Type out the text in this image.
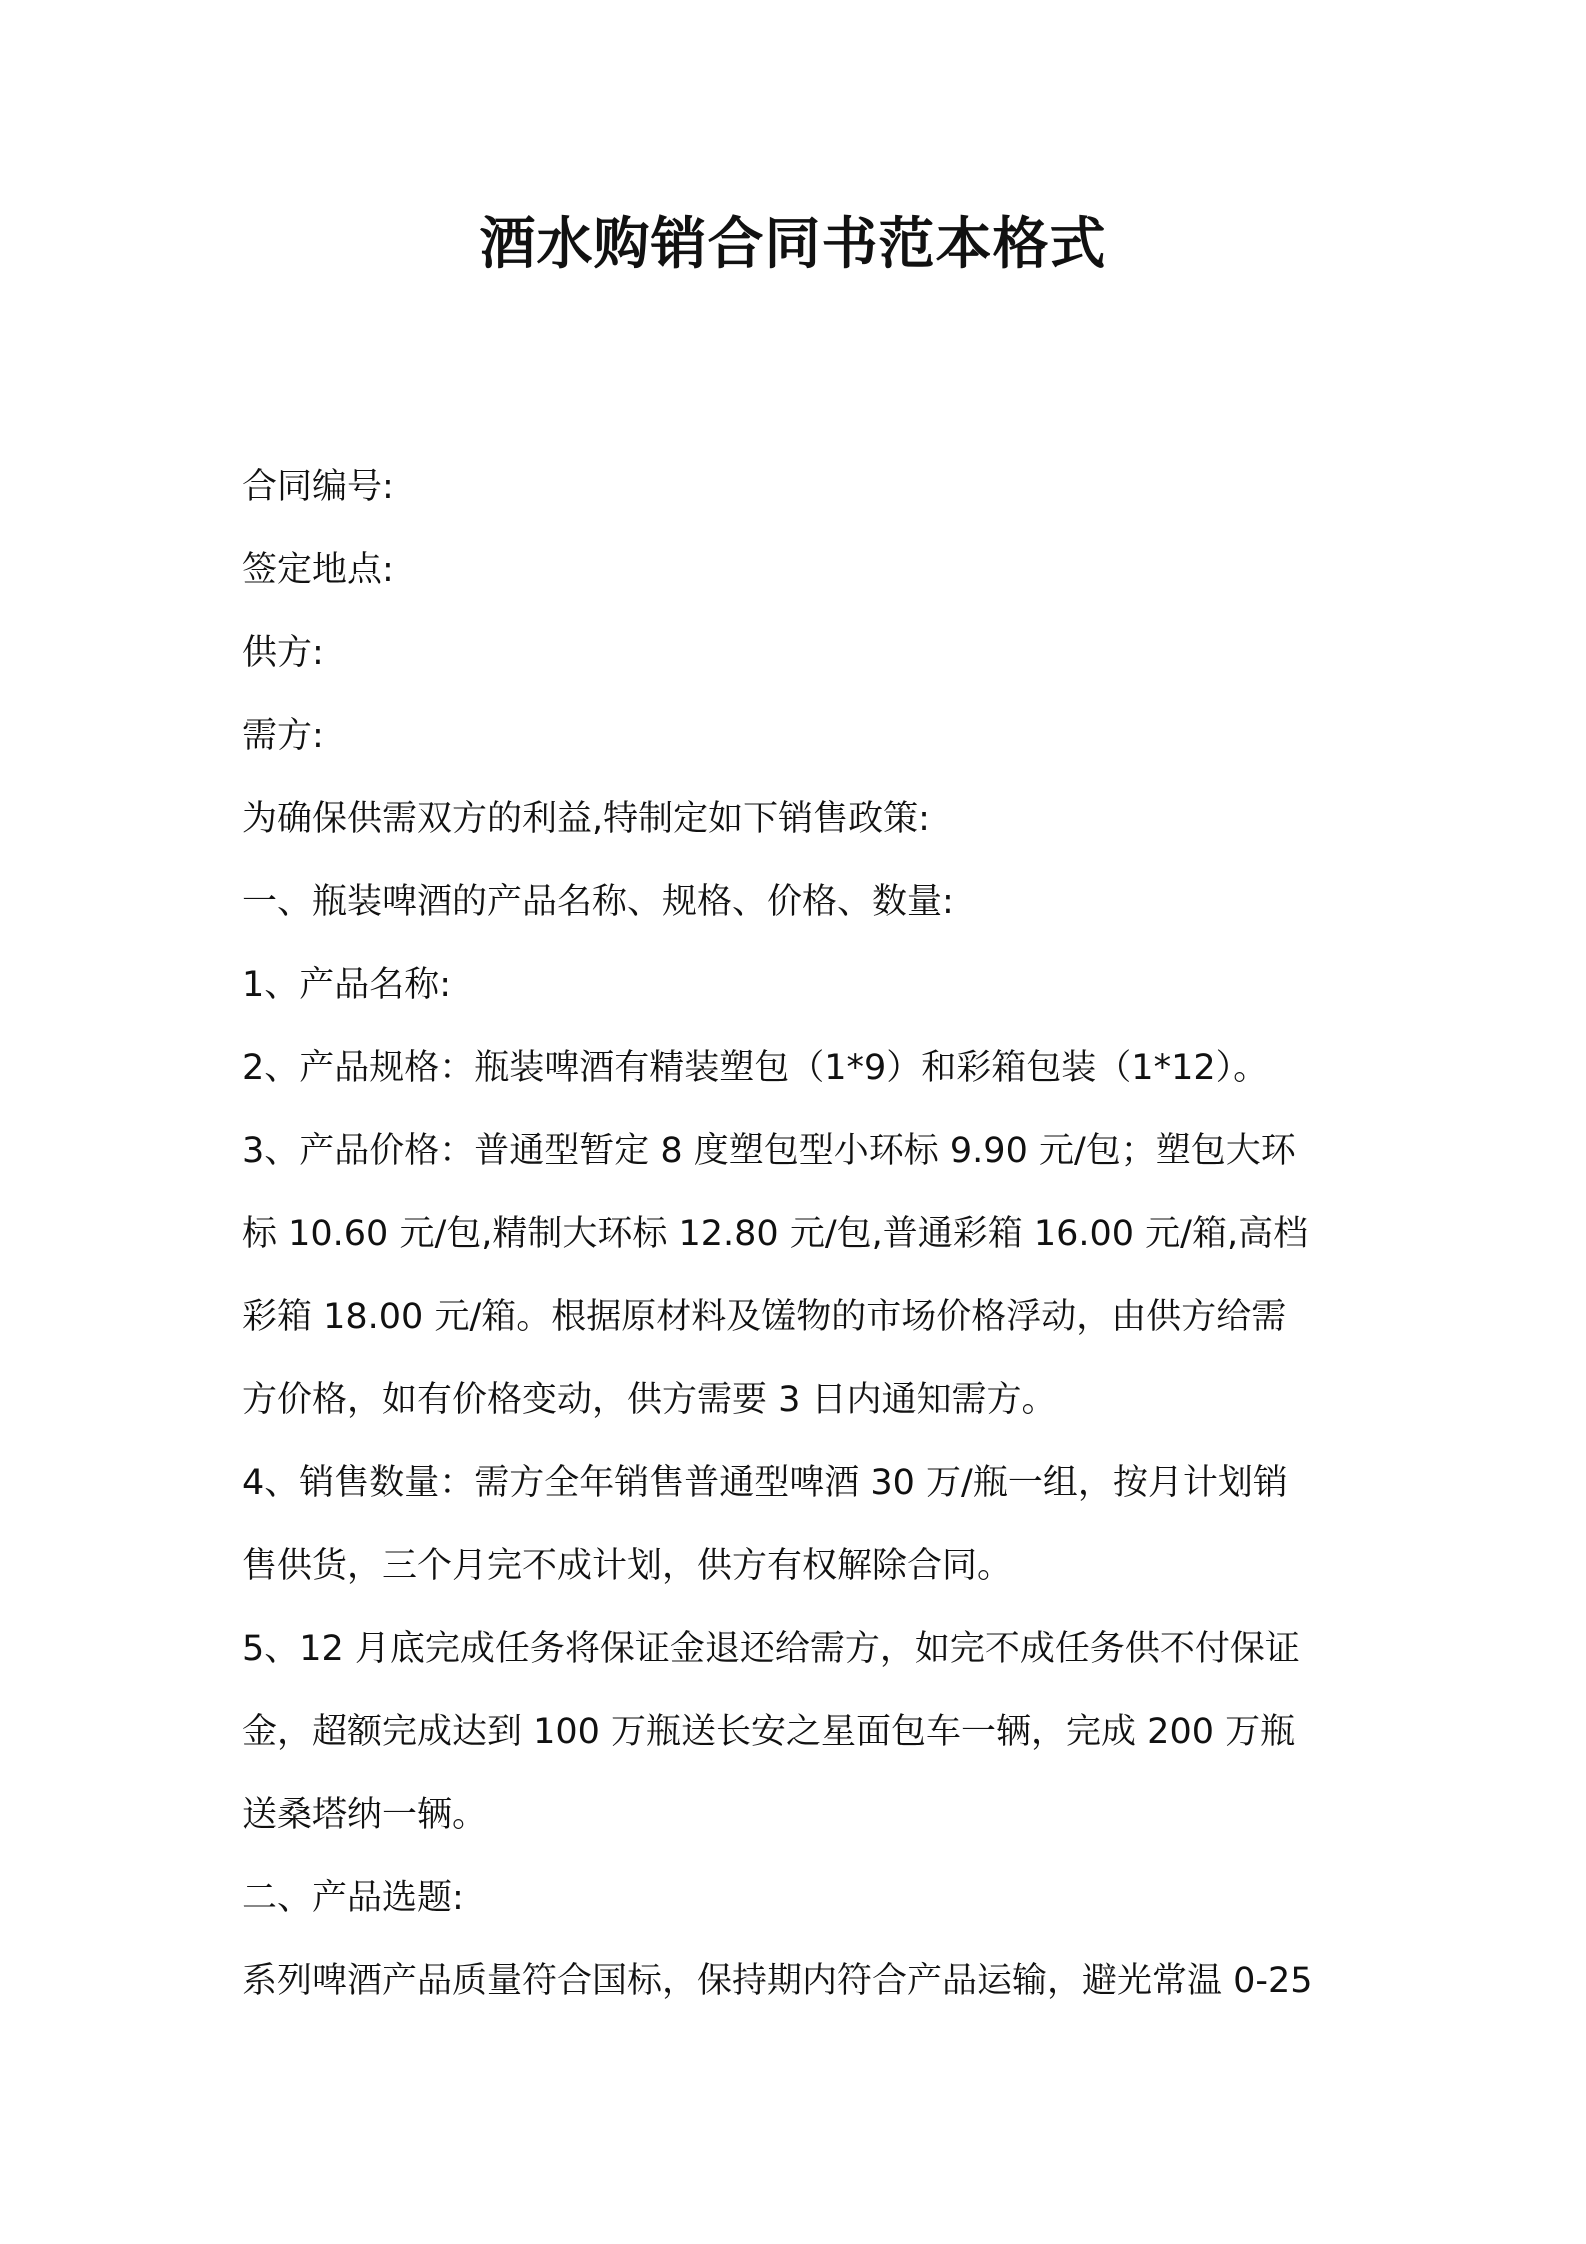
酒水购销合同书范本格式
合同编号:
签定地点:
供方:
需方:
为确保供需双方的利益,特制定如下销售政策:
一、瓶装啤酒的产品名称、规格、价格、数量:
1、产品名称:
2、产品规格：瓶装啤酒有精装塑包（1*9）和彩箱包装（1*12）。
3、产品价格：普通型暂定 8 度塑包型小环标 9.90 元/包；塑包大环
标 10.60 元/包,精制大环标 12.80 元/包,普通彩箱 16.00 元/箱,高档
彩箱 18.00 元/箱。根据原材料及馐物的市场价格浮动，由供方给需
方价格，如有价格变动，供方需要 3 日内通知需方。
4、销售数量：需方全年销售普通型啤酒 30 万/瓶一组，按月计划销
售供货，三个月完不成计划，供方有权解除合同。
5、12 月底完成任务将保证金退还给需方，如完不成任务供不付保证
金，超额完成达到 100 万瓶送长安之星面包车一辆，完成 200 万瓶
送桑塔纳一辆。
二、产品选题:
系列啤酒产品质量符合国标，保持期内符合产品运输，避光常温 0-25
